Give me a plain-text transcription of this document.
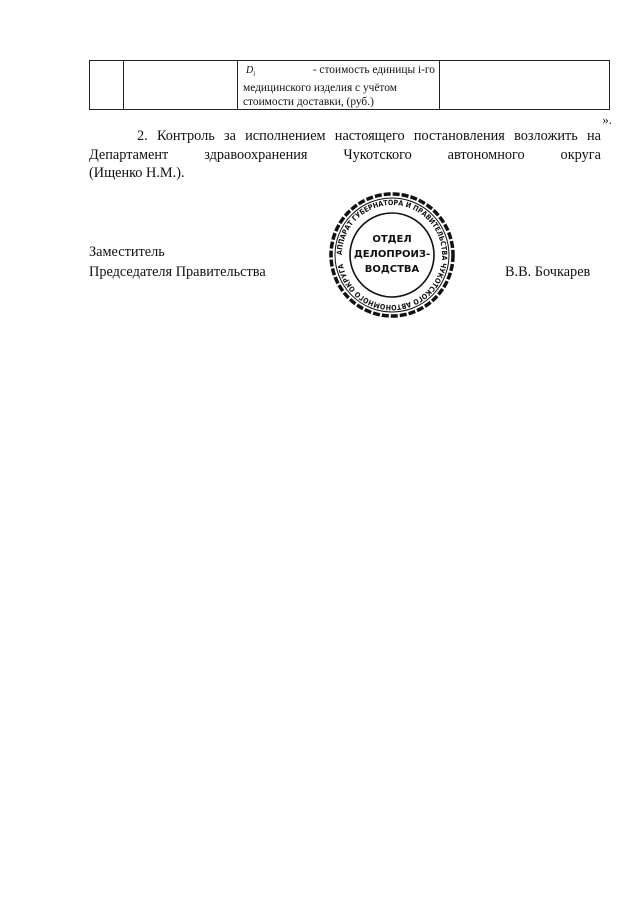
$D_i$	- стоимость единицы i-го
медицинского изделия с учётом
стоимости доставки, (руб.)

».
2. Контроль за исполнением настоящего постановления возложить на
Департамент	здравоохранения	Чукотского	автономного	округа
(Ищенко Н.М.).
Заместитель
Председателя Правительства	В.В. Бочкарев
АППАРАТ ГУБЕРНАТОРА И ПРАВИТЕЛЬСТВА ЧУКОТСКОГО АВТОНОМНОГО ОКРУГА
ОТДЕЛ
ДЕЛОПРОИЗ-
ВОДСТВА
